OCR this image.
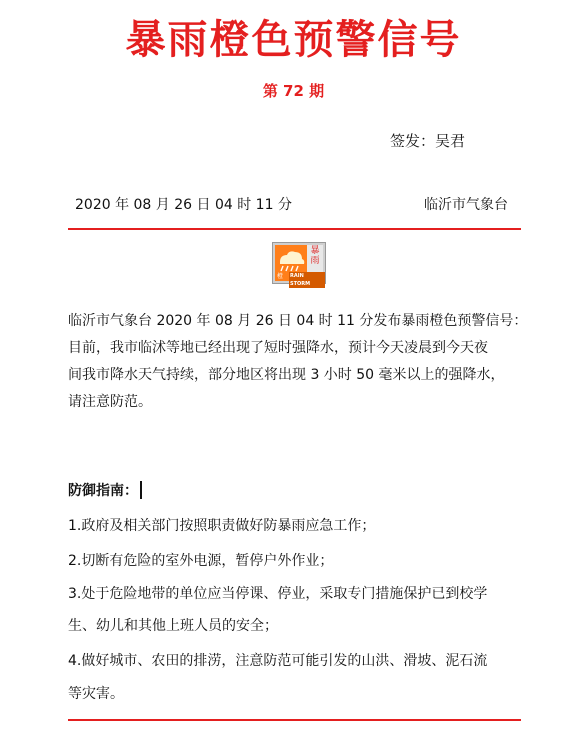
暴雨橙色预警信号
第 72 期
签发：吴君
2020 年 08 月 26 日 04 时 11 分	临沂市气象台
暴雨
橙 RAIN STORM
临沂市气象台 2020 年 08 月 26 日 04 时 11 分发布暴雨橙色预警信号：
目前，我市临沭等地已经出现了短时强降水，预计今天凌晨到今天夜
间我市降水天气持续，部分地区将出现 3 小时 50 毫米以上的强降水，
请注意防范。
防御指南：
1.政府及相关部门按照职责做好防暴雨应急工作；
2.切断有危险的室外电源，暂停户外作业；
3.处于危险地带的单位应当停课、停业，采取专门措施保护已到校学
生、幼儿和其他上班人员的安全；
4.做好城市、农田的排涝，注意防范可能引发的山洪、滑坡、泥石流
等灾害。
